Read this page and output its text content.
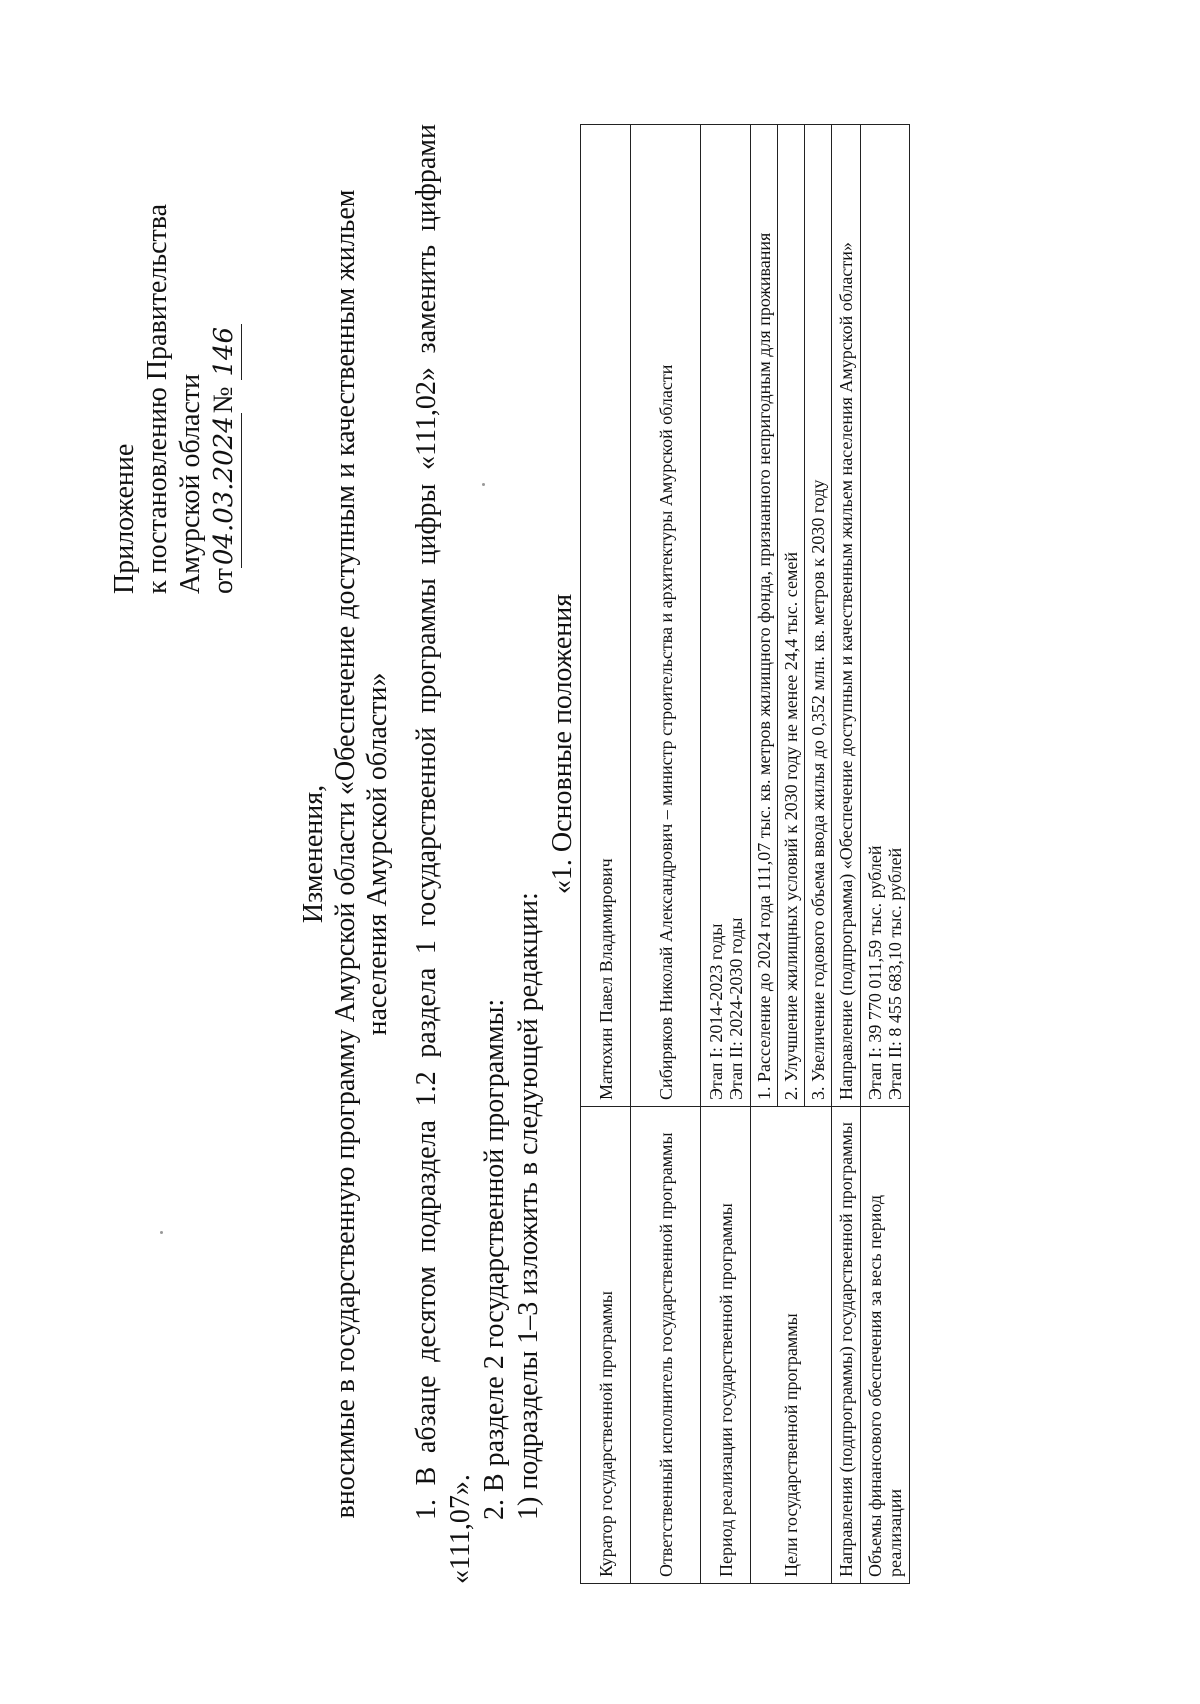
Приложение к постановлению Правительства Амурской области от04.03.2024№ 146
Изменения, вносимые в государственную программу Амурской области «Обеспечение доступным и качественным жильем населения Амурской области» 1. В абзаце десятом подраздела 1.2 раздела 1 государственной программы цифры «111,02» заменить цифрами «111,07».
2. В разделе 2 государственной программы: 1) подразделы 1–3 изложить в следующей редакции:
«1. Основные положения
Куратор государственной программы	Матюхин Павел Владимирович
Ответственный исполнитель государственной программы	Сибиряков Николай Александрович – министр строительства и архитектуры Амурской области
Период реализации государственной программы	Этап I: 2014-2023 годы Этап II: 2024-2030 годы

Цели государственной программы	1. Расселение до 2024 года 111,07 тыс. кв. метров жилищного фонда, признанного непригодным для проживания 2. Улучшение жилищных условий к 2030 году не менее 24,4 тыс. семей 3. Увеличение годового объема ввода жилья до 0,352 млн. кв. метров к 2030 году

Направления (подпрограммы) государственной программы	Направление (подпрограмма) «Обеспечение доступным и качественным жильем населения Амурской области»
Объемы финансового обеспечения за весь период реализации	Этап I: 39 770 011,59 тыс. рублей Этап II: 8 455 683,10 тыс. рублей
